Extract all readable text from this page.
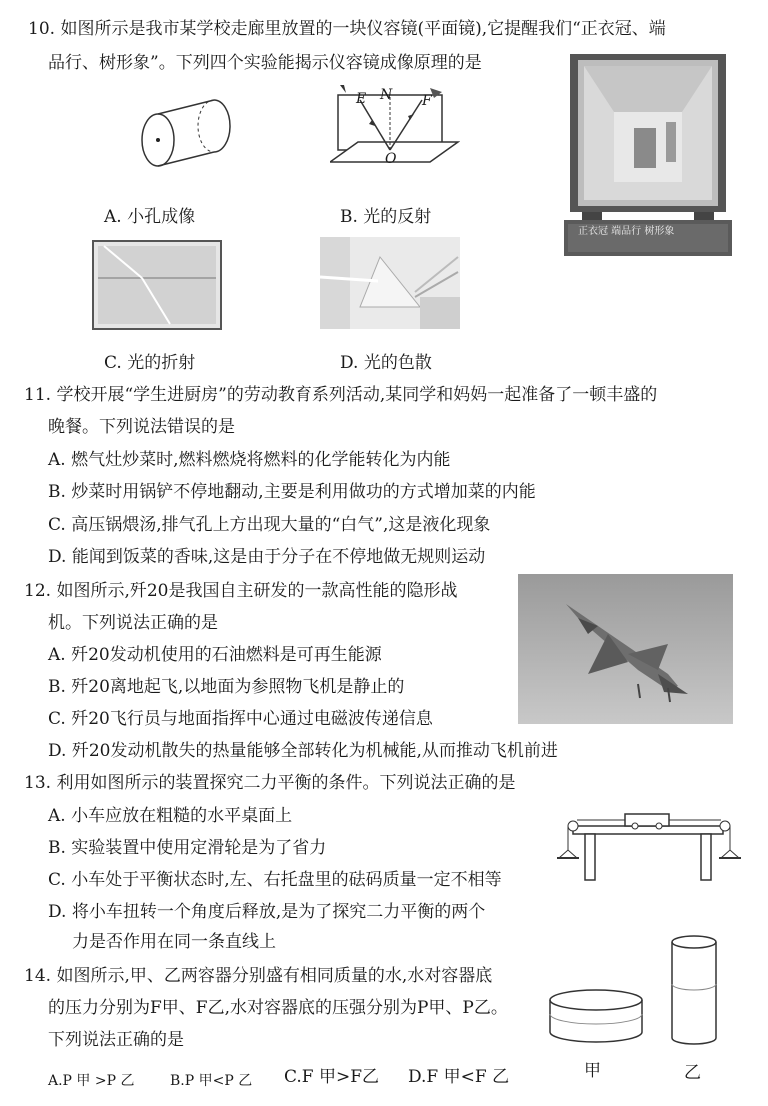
10. 如图所示是我市某学校走廊里放置的一块仪容镜(平面镜),它提醒我们“正衣冠、端
品行、树形象”。下列四个实验能揭示仪容镜成像原理的是
E N F
O
A. 小孔成像	B. 光的反射
C. 光的折射	D. 光的色散
正衣冠 端品行 树形象
11. 学校开展“学生进厨房”的劳动教育系列活动,某同学和妈妈一起准备了一顿丰盛的
晚餐。下列说法错误的是
A. 燃气灶炒菜时,燃料燃烧将燃料的化学能转化为内能
B. 炒菜时用锅铲不停地翻动,主要是利用做功的方式增加菜的内能
C. 高压锅煨汤,排气孔上方出现大量的“白气”,这是液化现象
D. 能闻到饭菜的香味,这是由于分子在不停地做无规则运动
12. 如图所示,歼20是我国自主研发的一款高性能的隐形战
机。下列说法正确的是
A. 歼20发动机使用的石油燃料是可再生能源
B. 歼20离地起飞,以地面为参照物飞机是静止的
C. 歼20飞行员与地面指挥中心通过电磁波传递信息
D. 歼20发动机散失的热量能够全部转化为机械能,从而推动飞机前进
13. 利用如图所示的装置探究二力平衡的条件。下列说法正确的是
A. 小车应放在粗糙的水平桌面上
B. 实验装置中使用定滑轮是为了省力
C. 小车处于平衡状态时,左、右托盘里的砝码质量一定不相等
D. 将小车扭转一个角度后释放,是为了探究二力平衡的两个
力是否作用在同一条直线上
14. 如图所示,甲、乙两容器分别盛有相同质量的水,水对容器底
的压力分别为F甲、F乙,水对容器底的压强分别为P甲、P乙。
下列说法正确的是
A.P 甲 >P 乙	B.P 甲<P 乙 C.F 甲>F乙 D.F 甲<F 乙	甲	乙
